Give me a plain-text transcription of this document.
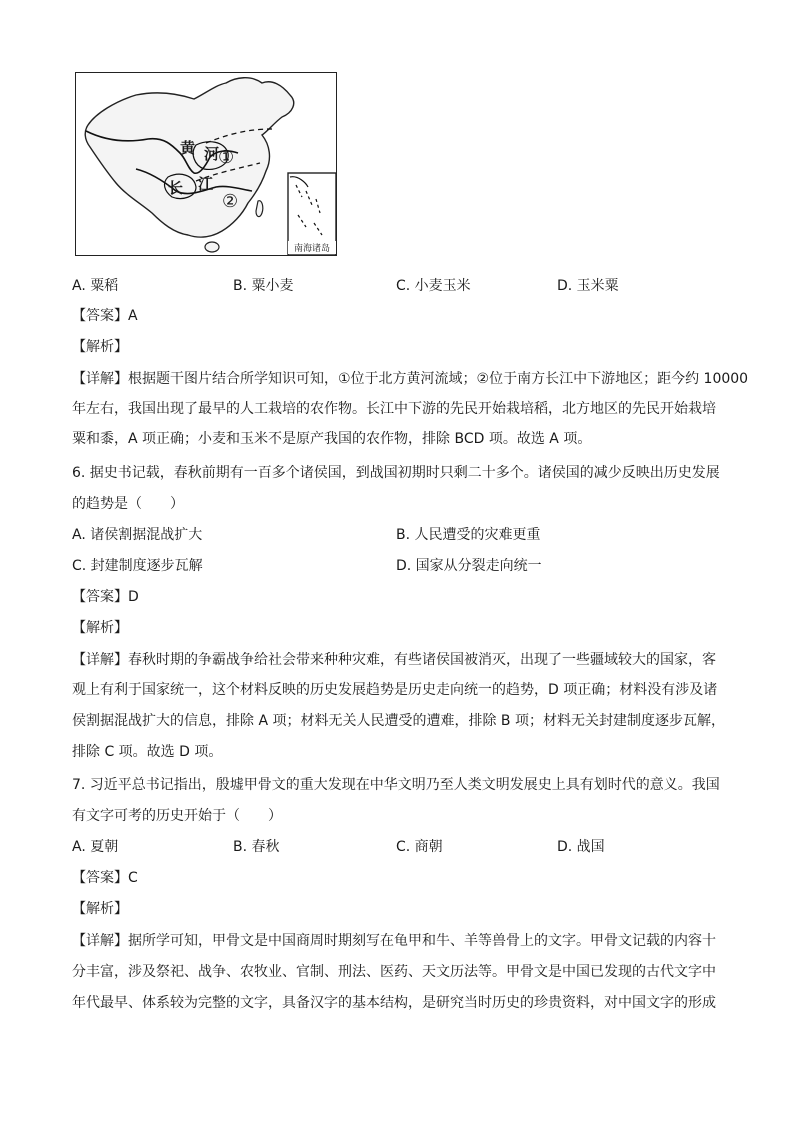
黄 河
①
长 江
②
南海诸岛
A. 粟稻	B. 粟小麦	C. 小麦玉米	D. 玉米粟
【答案】A
【解析】
【详解】根据题干图片结合所学知识可知，①位于北方黄河流域；②位于南方长江中下游地区；距今约 10000
年左右，我国出现了最早的人工栽培的农作物。长江中下游的先民开始栽培稻，北方地区的先民开始栽培
粟和黍，A 项正确；小麦和玉米不是原产我国的农作物，排除 BCD 项。故选 A 项。
6. 据史书记载，春秋前期有一百多个诸侯国，到战国初期时只剩二十多个。诸侯国的减少反映出历史发展
的趋势是（　　）
A. 诸侯割据混战扩大	B. 人民遭受的灾难更重
C. 封建制度逐步瓦解	D. 国家从分裂走向统一
【答案】D
【解析】
【详解】春秋时期的争霸战争给社会带来种种灾难，有些诸侯国被消灭，出现了一些疆域较大的国家，客
观上有利于国家统一，这个材料反映的历史发展趋势是历史走向统一的趋势，D 项正确；材料没有涉及诸
侯割据混战扩大的信息，排除 A 项；材料无关人民遭受的遭难，排除 B 项；材料无关封建制度逐步瓦解，
排除 C 项。故选 D 项。
7. 习近平总书记指出，殷墟甲骨文的重大发现在中华文明乃至人类文明发展史上具有划时代的意义。我国
有文字可考的历史开始于（　　）
A. 夏朝	B. 春秋	C. 商朝	D. 战国
【答案】C
【解析】
【详解】据所学可知，甲骨文是中国商周时期刻写在龟甲和牛、羊等兽骨上的文字。甲骨文记载的内容十
分丰富，涉及祭祀、战争、农牧业、官制、刑法、医药、天文历法等。甲骨文是中国已发现的古代文字中
年代最早、体系较为完整的文字，具备汉字的基本结构，是研究当时历史的珍贵资料，对中国文字的形成
